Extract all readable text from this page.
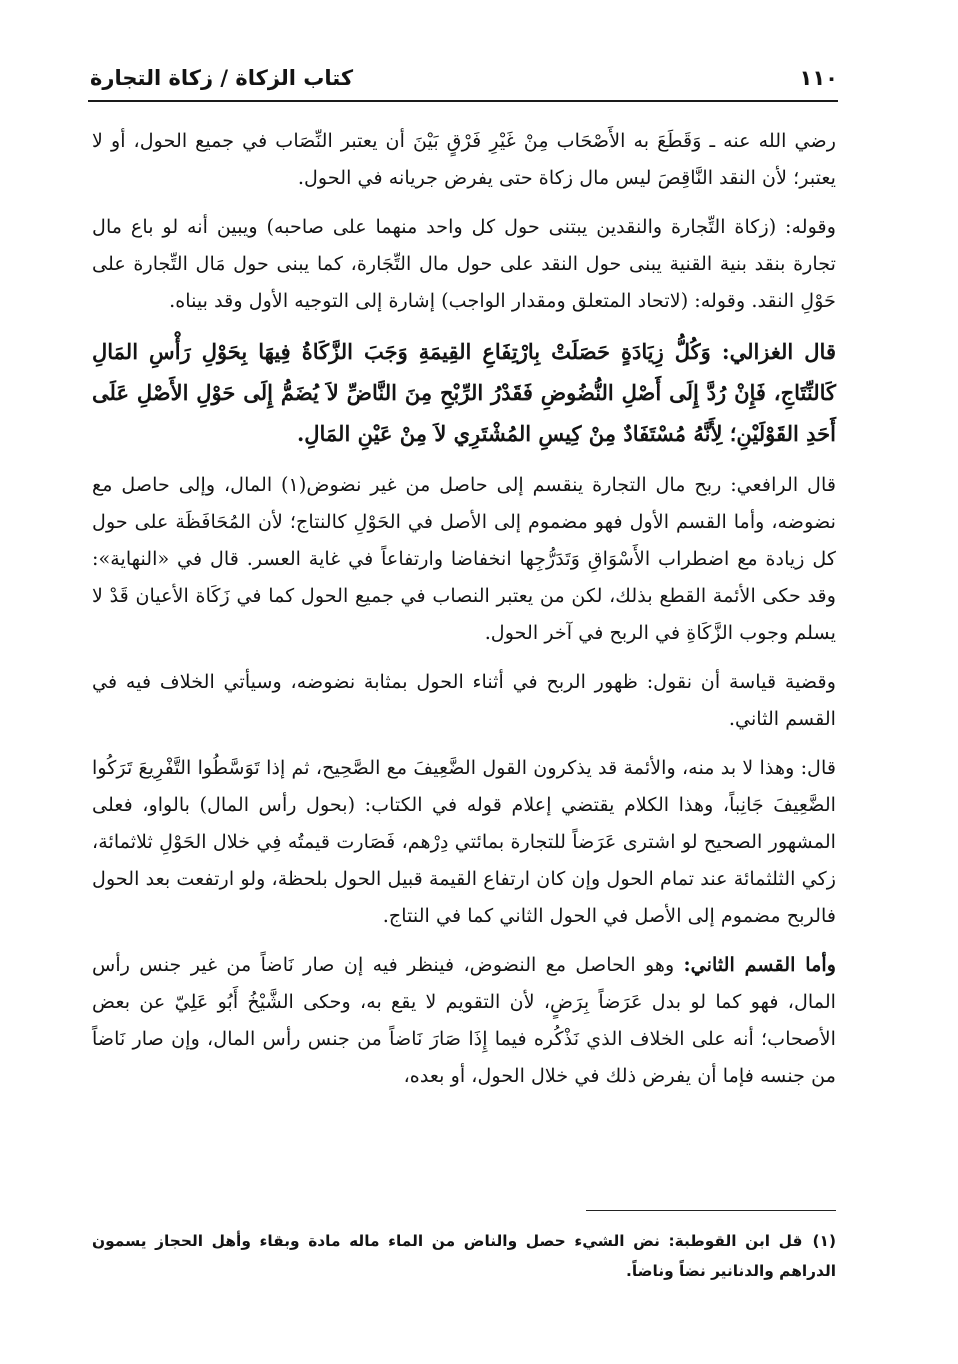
١١٠
كتاب الزكاة / زكاة التجارة

رضي الله عنه ـ وَقَطَعَ به الأَصْحَاب مِنْ غَيْرِ فَرْقٍ بَيْنَ أن يعتبر النِّصَاب في جميع الحول، أو لا يعتبر؛ لأن النقد النَّاقِصَ ليس مال زكاة حتى يفرض جريانه في الحول.

وقوله: (زكاة التِّجارة والنقدين يبتنى حول كل واحد منهما على صاحبه) ويبين أنه لو باع مال تجارة بنقد بنية القنية يبنى حول النقد على حول مال التِّجَارة، كما يبنى حول مَال التِّجارة على حَوْلِ النقد. وقوله: (لاتحاد المتعلق ومقدار الواجب) إشارة إلى التوجيه الأول وقد بيناه.

قال الغزالي: وَكُلُّ زِيَادَةٍ حَصَلَتْ بِارْتِفَاعِ القِيمَةِ وَجَبَ الزَّكَاةُ فِيهَا بِحَوْلِ رَأْسِ المَالِ كَالنِّتَاجِ، فَإِنْ رُدَّ إِلَى أَصْلِ النُّضُوضِ فَقَدْرُ الرِّبْحِ مِنَ النَّاضِّ لاَ يُضَمُّ إِلَى حَوْلِ الأَصْلِ عَلَى أَحَدِ القَوْلَيْنِ؛ لِأَنَّهُ مُسْتَفَادٌ مِنْ كِيسِ المُشْتَرِي لاَ مِنْ عَيْنِ المَالِ.

قال الرافعي: ربح مال التجارة ينقسم إلى حاصل من غير نضوض(١) المال، وإلى حاصل مع نضوضه، وأما القسم الأول فهو مضموم إلى الأصل في الحَوْلِ كالنتاج؛ لأن المُحَافَظَة على حول كل زيادة مع اضطراب الأَسْوَاقِ وَتَدَرُّجِها انخفاضا وارتفاعاً في غاية العسر. قال في «النهاية»: وقد حكى الأئمة القطع بذلك، لكن من يعتبر النصاب في جميع الحول كما في زَكَاة الأعيان قَدْ لا يسلم وجوب الزَّكَاةِ في الربح في آخر الحول.

وقضية قياسة أن نقول: ظهور الربح في أثناء الحول بمثابة نضوضه، وسيأتي الخلاف فيه في القسم الثاني.

قال: وهذا لا بد منه، والأئمة قد يذكرون القول الضَّعِيفَ مع الصَّحِيح، ثم إذا تَوَسَّطُوا التَّفْرِيعَ تَرَكُوا الضَّعِيفَ جَانِباً، وهذا الكلام يقتضي إعلام قوله في الكتاب: (بحول رأس المال) بالواو، فعلى المشهور الصحيح لو اشترى عَرَضاً للتجارة بمائتي دِرْهم، فَصَارت قيمتُه فِي خلال الحَوْلِ ثلاثمائة، زكي الثلثمائة عند تمام الحول وإن كان ارتفاع القيمة قبيل الحول بلحظة، ولو ارتفعت بعد الحول فالربح مضموم إلى الأصل في الحول الثاني كما في النتاج.

وأما القسم الثاني: وهو الحاصل مع النضوض، فينظر فيه إن صار نَاضاً من غير جنس رأس المال، فهو كما لو بدل عَرَضاً بِرَضٍ، لأن التقويم لا يقع به، وحكى الشَّيْخُ أَبُو عَلِيّ عن بعض الأصحاب؛ أنه على الخلاف الذي نَذْكُره فيما إِذَا صَارَ نَاضاً من جنس رأس المال، وإن صار نَاضاً من جنسه فإما أن يفرض ذلك في خلال الحول، أو بعده،

(١)قل ابن القوطبة: نض الشيء حصل والناض من الماء ماله مادة وبقاء وأهل الحجاز يسمون الدراهم والدنانير نضاً وناضاً.
